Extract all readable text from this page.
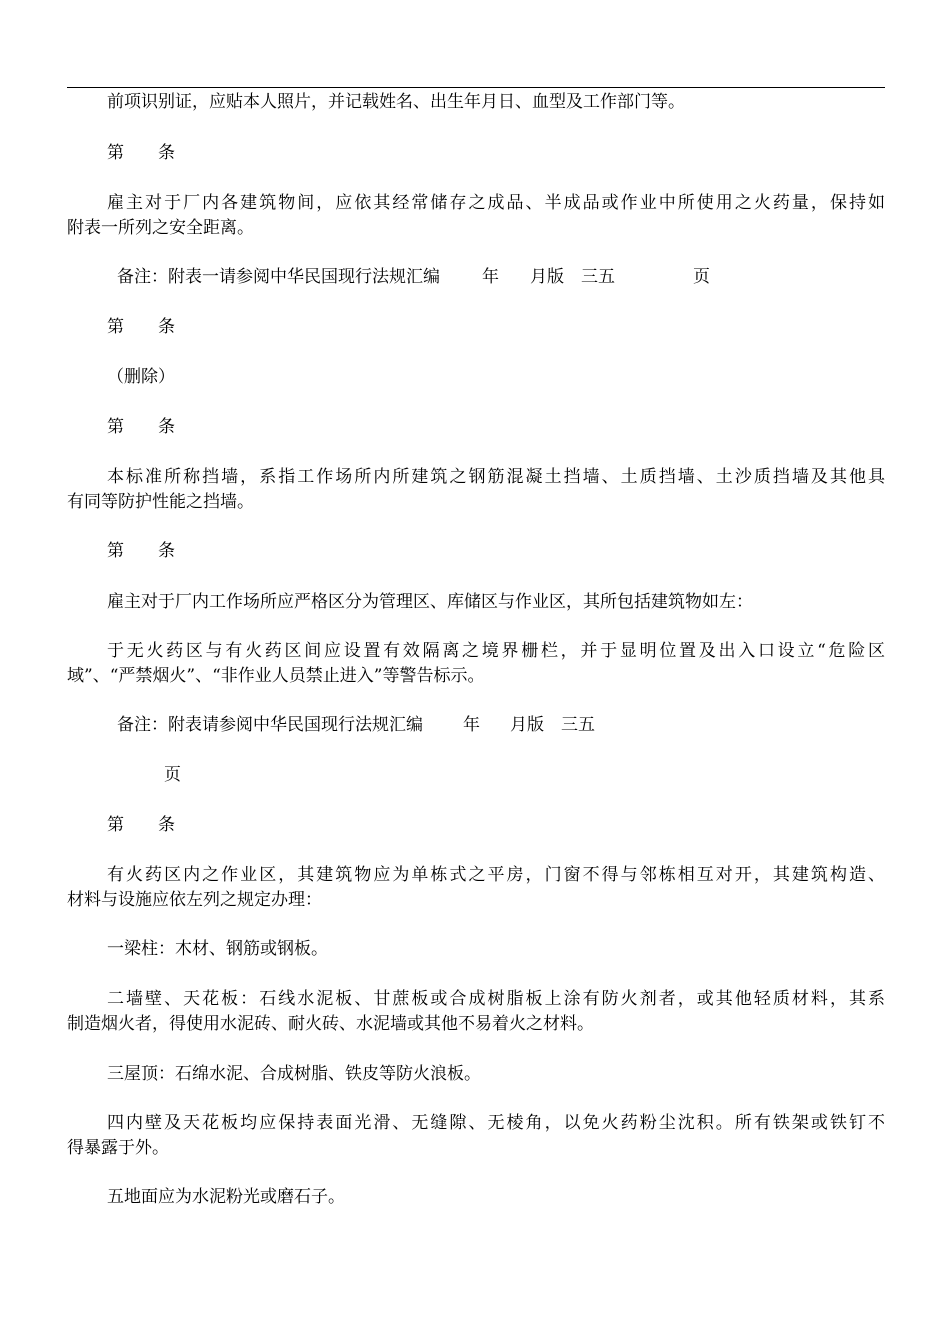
前项识别证，应贴本人照片，并记载姓名、出生年月日、血型及工作部门等。
第　　条
雇主对于厂内各建筑物间，应依其经常储存之成品、半成品或作业中所使用之火药量，保持如
附表一所列之安全距离。
备注：附表一请参阅中华民国现行法规汇编 年 月版　三五	页
第　　条
（删除）
第　　条
本标准所称挡墙，系指工作场所内所建筑之钢筋混凝土挡墙、土质挡墙、土沙质挡墙及其他具
有同等防护性能之挡墙。
第　　条
雇主对于厂内工作场所应严格区分为管理区、库储区与作业区，其所包括建筑物如左：
于无火药区与有火药区间应设置有效隔离之境界栅栏，并于显明位置及出入口设立“危险区
域”、“严禁烟火”、“非作业人员禁止进入”等警告标示。
备注：附表请参阅中华民国现行法规汇编 年 月版　三五
页
第　　条
有火药区内之作业区，其建筑物应为单栋式之平房，门窗不得与邻栋相互对开，其建筑构造、
材料与设施应依左列之规定办理：
一梁柱：木材、钢筋或钢板。
二墙壁、天花板：石线水泥板、甘蔗板或合成树脂板上涂有防火剂者，或其他轻质材料，其系
制造烟火者，得使用水泥砖、耐火砖、水泥墙或其他不易着火之材料。
三屋顶：石绵水泥、合成树脂、铁皮等防火浪板。
四内壁及天花板均应保持表面光滑、无缝隙、无棱角，以免火药粉尘沈积。所有铁架或铁钉不
得暴露于外。
五地面应为水泥粉光或磨石子。
